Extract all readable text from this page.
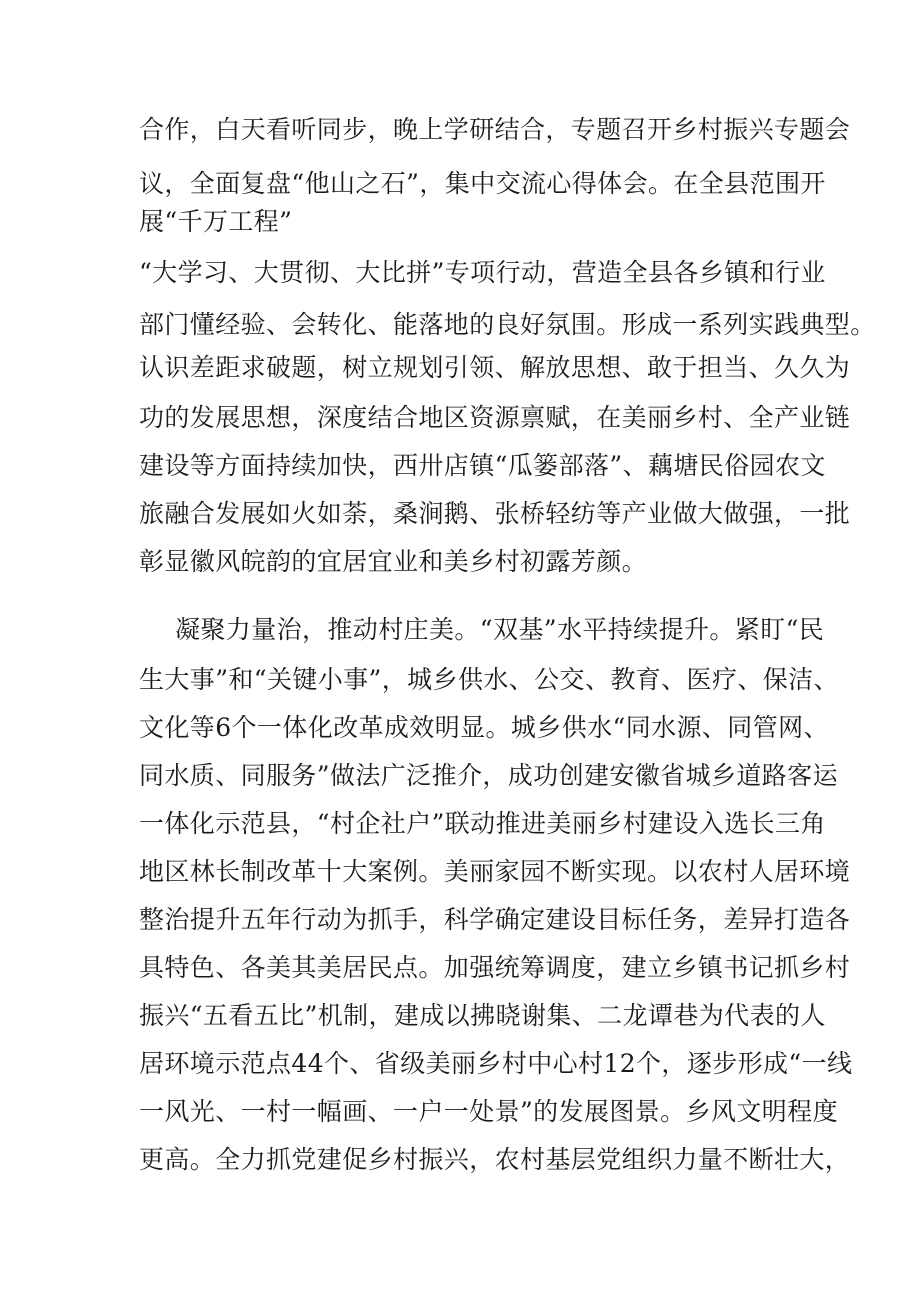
合作，白天看听同步，晚上学研结合，专题召开乡村振兴专题会
议，全面复盘“他山之石”，集中交流心得体会。在全县范围开
展“千万工程”
“大学习、大贯彻、大比拼”专项行动，营造全县各乡镇和行业
部门懂经验、会转化、能落地的良好氛围。形成一系列实践典型。
认识差距求破题，树立规划引领、解放思想、敢于担当、久久为
功的发展思想，深度结合地区资源禀赋，在美丽乡村、全产业链
建设等方面持续加快，西卅店镇“瓜篓部落”、藕塘民俗园农文
旅融合发展如火如荼，桑涧鹅、张桥轻纺等产业做大做强，一批
彰显徽风皖韵的宜居宜业和美乡村初露芳颜。
凝聚力量治，推动村庄美。“双基”水平持续提升。紧盯“民
生大事”和“关键小事”，城乡供水、公交、教育、医疗、保洁、
文化等6个一体化改革成效明显。城乡供水“同水源、同管网、
同水质、同服务”做法广泛推介，成功创建安徽省城乡道路客运
一体化示范县，“村企社户”联动推进美丽乡村建设入选长三角
地区林长制改革十大案例。美丽家园不断实现。以农村人居环境
整治提升五年行动为抓手，科学确定建设目标任务，差异打造各
具特色、各美其美居民点。加强统筹调度，建立乡镇书记抓乡村
振兴“五看五比”机制，建成以拂晓谢集、二龙谭巷为代表的人
居环境示范点44个、省级美丽乡村中心村12个，逐步形成“一线
一风光、一村一幅画、一户一处景”的发展图景。乡风文明程度
更高。全力抓党建促乡村振兴，农村基层党组织力量不断壮大，
